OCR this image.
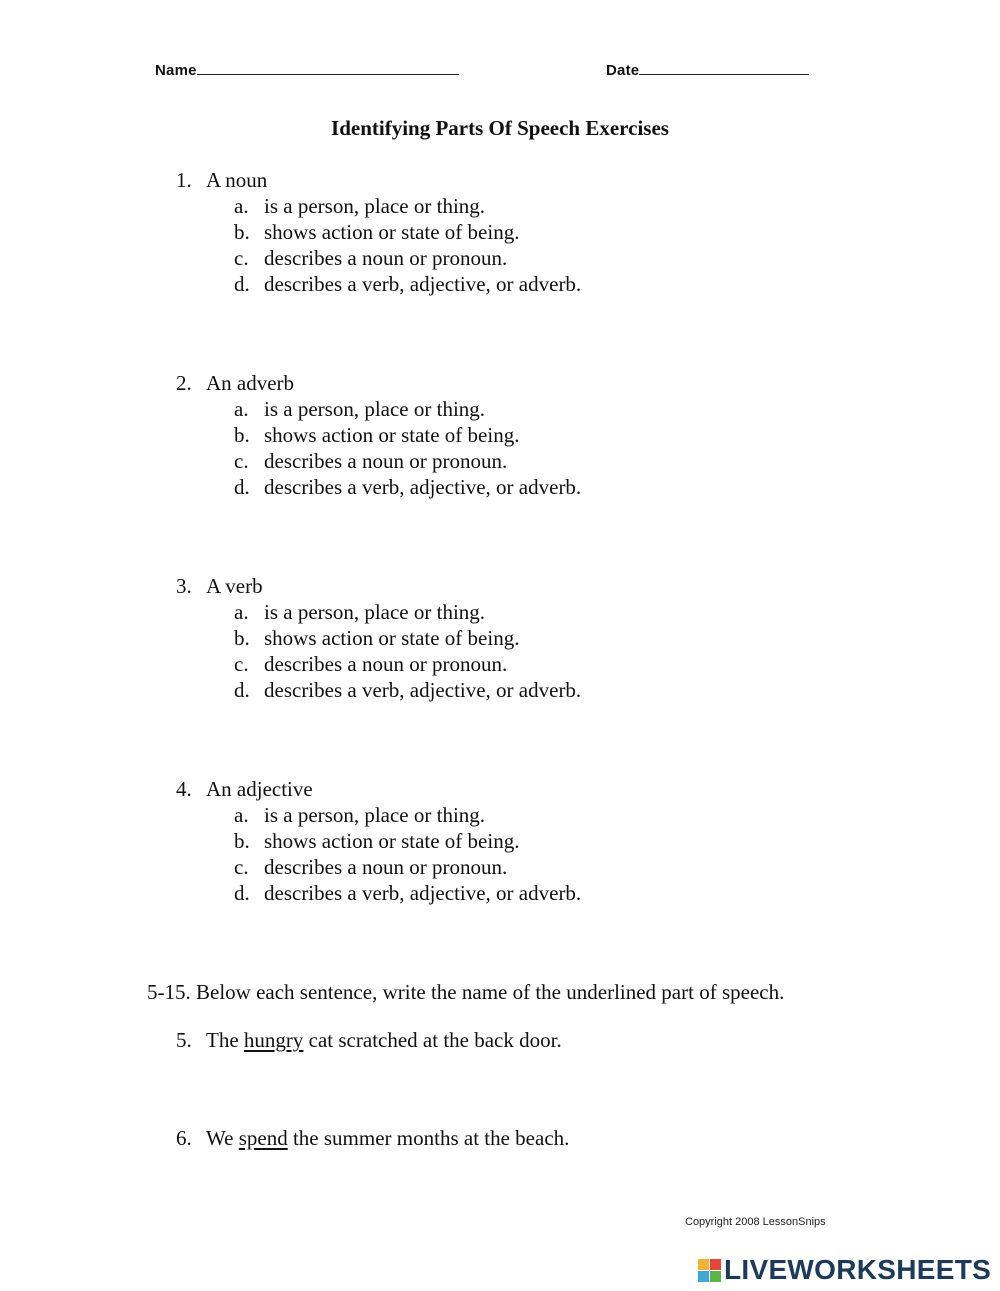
Name	Date
Identifying Parts Of Speech Exercises
1. A noun
a. is a person, place or thing.
b. shows action or state of being.
c. describes a noun or pronoun.
d. describes a verb, adjective, or adverb.
2. An adverb
a. is a person, place or thing.
b. shows action or state of being.
c. describes a noun or pronoun.
d. describes a verb, adjective, or adverb.
3. A verb
a. is a person, place or thing.
b. shows action or state of being.
c. describes a noun or pronoun.
d. describes a verb, adjective, or adverb.
4. An adjective
a. is a person, place or thing.
b. shows action or state of being.
c. describes a noun or pronoun.
d. describes a verb, adjective, or adverb.
5-15. Below each sentence, write the name of the underlined part of speech.
5. The
hungry
cat scratched at the back door.
6. We
spend
the summer months at the beach.
Copyright 2008 LessonSnips
LIVEWORKSHEETS
